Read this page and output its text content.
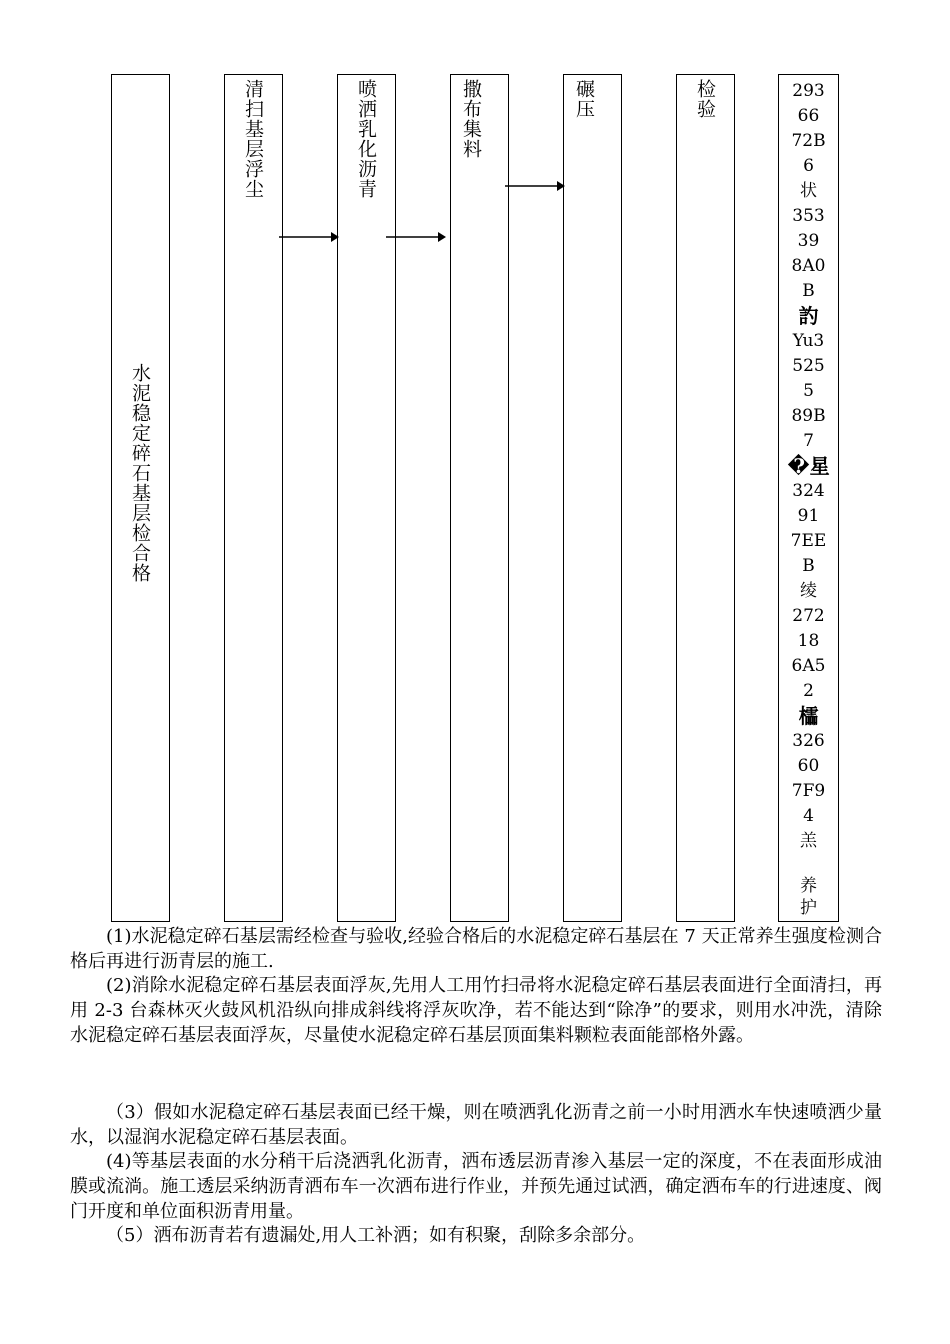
水泥稳定碎石基层检合格
清扫基层浮尘	喷洒乳化沥青	撒布集料	碾压	检验	293
66
72B
6
状
353
39
8A0
B
訋
Yu3
525
5
89B
7
�星
324
91
7EE
B
绫
272
18
6A5
2
櫺
326
60
7F9
4
羔
养
护

(1)水泥稳定碎石基层需经检查与验收,经验合格后的水泥稳定碎石基层在 7 天正常养生强度检测合格后再进行沥青层的施工.

(2)消除水泥稳定碎石基层表面浮灰,先用人工用竹扫帚将水泥稳定碎石基层表面进行全面清扫，再用 2-3 台森林灭火鼓风机沿纵向排成斜线将浮灰吹净，若不能达到“除净”的要求，则用水冲洗，清除水泥稳定碎石基层表面浮灰，尽量使水泥稳定碎石基层顶面集料颗粒表面能部格外露。

（3）假如水泥稳定碎石基层表面已经干燥，则在喷洒乳化沥青之前一小时用洒水车快速喷洒少量水，以湿润水泥稳定碎石基层表面。

(4)等基层表面的水分稍干后浇洒乳化沥青，洒布透层沥青渗入基层一定的深度，不在表面形成油膜或流淌。施工透层采纳沥青洒布车一次洒布进行作业，并预先通过试洒，确定洒布车的行进速度、阀门开度和单位面积沥青用量。

（5）洒布沥青若有遗漏处,用人工补洒；如有积聚，刮除多余部分。
